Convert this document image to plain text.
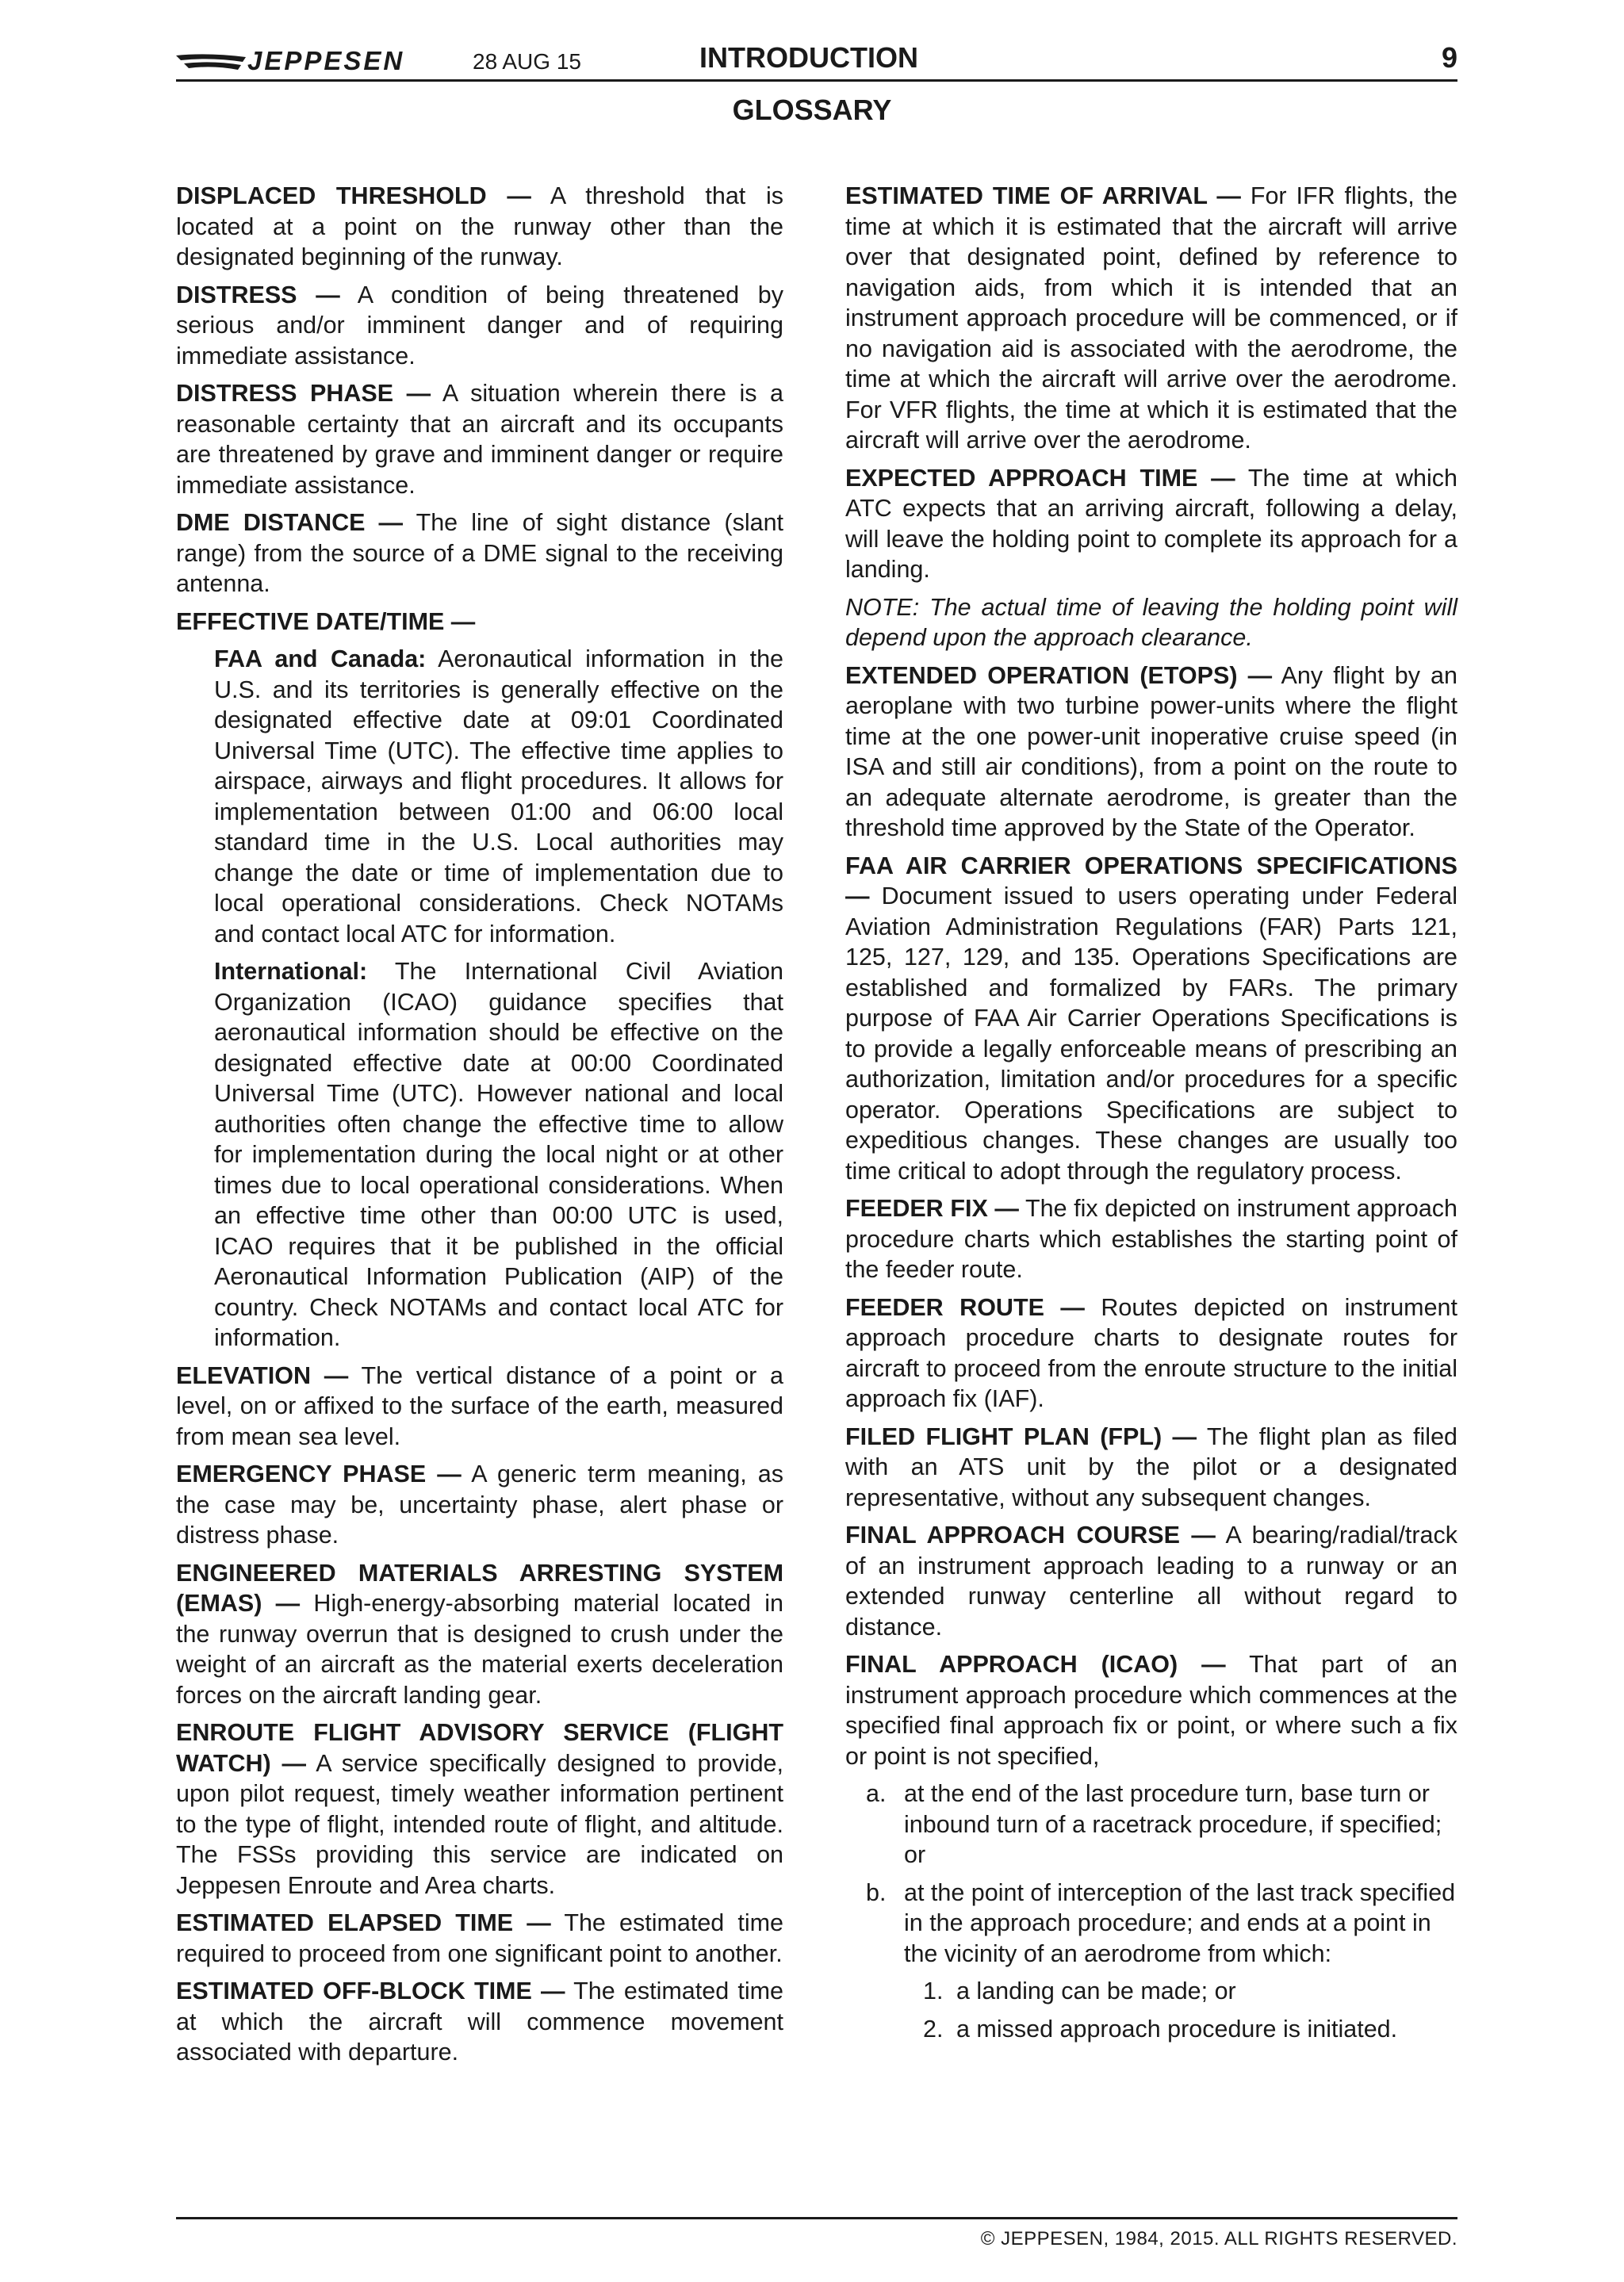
JEPPESEN	28 AUG 15	INTRODUCTION	9
GLOSSARY

DISPLACED THRESHOLD — A threshold that is located at a point on the runway other than the designated beginning of the runway.

DISTRESS — A condition of being threatened by serious and/or imminent danger and of requiring immediate assistance.

DISTRESS PHASE — A situation wherein there is a reasonable certainty that an aircraft and its occupants are threatened by grave and imminent danger or require immediate assistance.

DME DISTANCE — The line of sight distance (slant range) from the source of a DME signal to the receiving antenna.

EFFECTIVE DATE/TIME —

FAA and Canada: Aeronautical information in the U.S. and its territories is generally effective on the designated effective date at 09:01 Coordinated Universal Time (UTC). The effective time applies to airspace, airways and flight procedures. It allows for implementation between 01:00 and 06:00 local standard time in the U.S. Local authorities may change the date or time of implementation due to local operational considerations. Check NOTAMs and contact local ATC for information.

International: The International Civil Aviation Organization (ICAO) guidance specifies that aeronautical information should be effective on the designated effective date at 00:00 Coordinated Universal Time (UTC). However national and local authorities often change the effective time to allow for implementation during the local night or at other times due to local operational considerations. When an effective time other than 00:00 UTC is used, ICAO requires that it be published in the official Aeronautical Information Publication (AIP) of the country. Check NOTAMs and contact local ATC for information.

ELEVATION — The vertical distance of a point or a level, on or affixed to the surface of the earth, measured from mean sea level.

EMERGENCY PHASE — A generic term meaning, as the case may be, uncertainty phase, alert phase or distress phase.

ENGINEERED MATERIALS ARRESTING SYSTEM (EMAS) — High-energy-absorbing material located in the runway overrun that is designed to crush under the weight of an aircraft as the material exerts deceleration forces on the aircraft landing gear.

ENROUTE FLIGHT ADVISORY SERVICE (FLIGHT WATCH) — A service specifically designed to provide, upon pilot request, timely weather information pertinent to the type of flight, intended route of flight, and altitude. The FSSs providing this service are indicated on Jeppesen Enroute and Area charts.

ESTIMATED ELAPSED TIME — The estimated time required to proceed from one significant point to another.

ESTIMATED OFF-BLOCK TIME — The estimated time at which the aircraft will commence movement associated with departure.

ESTIMATED TIME OF ARRIVAL — For IFR flights, the time at which it is estimated that the aircraft will arrive over that designated point, defined by reference to navigation aids, from which it is intended that an instrument approach procedure will be commenced, or if no navigation aid is associated with the aerodrome, the time at which the aircraft will arrive over the aerodrome. For VFR flights, the time at which it is estimated that the aircraft will arrive over the aerodrome.

EXPECTED APPROACH TIME — The time at which ATC expects that an arriving aircraft, following a delay, will leave the holding point to complete its approach for a landing.

NOTE: The actual time of leaving the holding point will depend upon the approach clearance.

EXTENDED OPERATION (ETOPS) — Any flight by an aeroplane with two turbine power-units where the flight time at the one power-unit inoperative cruise speed (in ISA and still air conditions), from a point on the route to an adequate alternate aerodrome, is greater than the threshold time approved by the State of the Operator.

FAA AIR CARRIER OPERATIONS SPECIFICATIONS — Document issued to users operating under Federal Aviation Administration Regulations (FAR) Parts 121, 125, 127, 129, and 135. Operations Specifications are established and formalized by FARs. The primary purpose of FAA Air Carrier Operations Specifications is to provide a legally enforceable means of prescribing an authorization, limitation and/or procedures for a specific operator. Operations Specifications are subject to expeditious changes. These changes are usually too time critical to adopt through the regulatory process.

FEEDER FIX — The fix depicted on instrument approach procedure charts which establishes the starting point of the feeder route.

FEEDER ROUTE — Routes depicted on instrument approach procedure charts to designate routes for aircraft to proceed from the enroute structure to the initial approach fix (IAF).

FILED FLIGHT PLAN (FPL) — The flight plan as filed with an ATS unit by the pilot or a designated representative, without any subsequent changes.

FINAL APPROACH COURSE — A bearing/radial/track of an instrument approach leading to a runway or an extended runway centerline all without regard to distance.

FINAL APPROACH (ICAO) — That part of an instrument approach procedure which commences at the specified final approach fix or point, or where such a fix or point is not specified,

a. at the end of the last procedure turn, base turn or inbound turn of a racetrack procedure, if specified; or
b. at the point of interception of the last track specified in the approach procedure; and ends at a point in the vicinity of an aerodrome from which:
1. a landing can be made; or
2. a missed approach procedure is initiated.
© JEPPESEN, 1984, 2015. ALL RIGHTS RESERVED.
